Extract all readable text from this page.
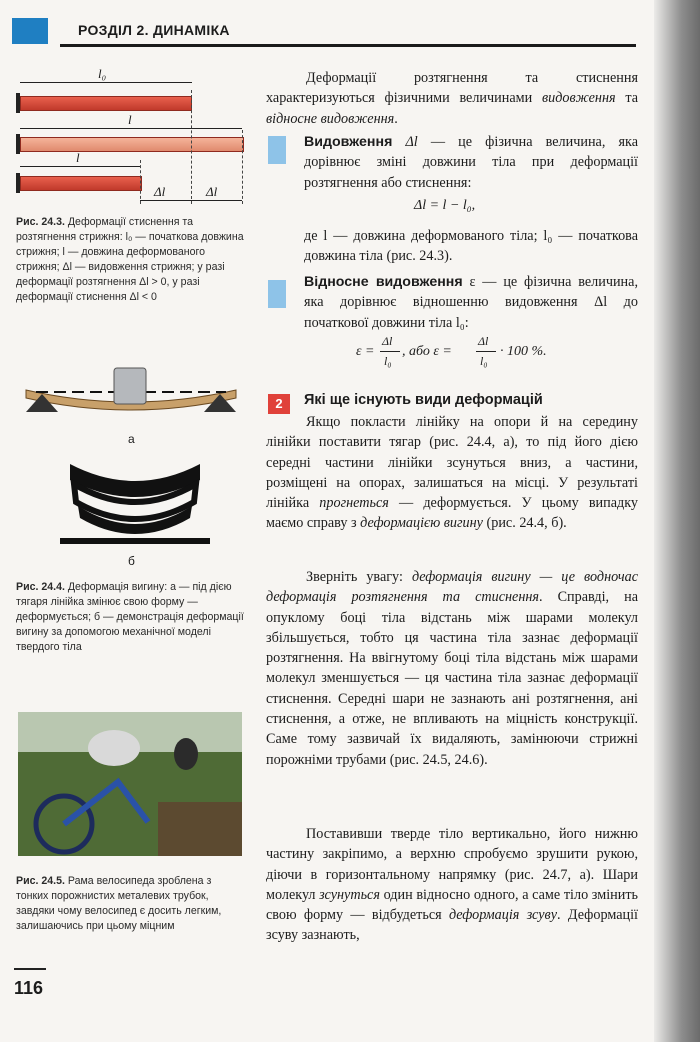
РОЗДІЛ 2. ДИНАМІКА
l₀
l
l
Δl	Δl
Рис. 24.3. Деформації стиснення та розтягнення стрижня: l₀ — початкова довжина стрижня; l — довжина деформованого стрижня; Δl — видовження стрижня; у разі деформації розтягнення Δl > 0, у разі деформації стиснення Δl < 0
а
б
Рис. 24.4. Деформація вигину: а — під дією тягаря лінійка змінює свою форму — деформується; б — демонстрація деформації вигину за допомогою механічної моделі твердого тіла
Рис. 24.5. Рама велосипеда зроблена з тонких порожнистих металевих трубок, завдяки чому велосипед є досить легким, залишаючись при цьому міцним
Деформації розтягнення та стиснення характеризуються фізичними величинами видовження та відносне видовження.
Видовження Δl — це фізична величина, яка дорівнює зміні довжини тіла при деформації розтягнення або стиснення:
Δl = l − l₀,
де l — довжина деформованого тіла; l₀ — початкова довжина тіла (рис. 24.3).
Відносне видовження ε — це фізична величина, яка дорівнює відношенню видовження Δl до початкової довжини тіла l₀:
ε =
Δl
l₀
, або ε =
Δl
l₀
· 100 %.
2	Які ще існують види деформацій
Якщо покласти лінійку на опори й на середину лінійки поставити тягар (рис. 24.4, а), то під його дією середні частини лінійки зсунуться вниз, а частини, розміщені на опорах, залишаться на місці. У результаті лінійка прогнеться — деформується. У цьому випадку маємо справу з деформацією вигину (рис. 24.4, б).
Зверніть увагу: деформація вигину — це водночас деформація розтягнення та стиснення. Справді, на опуклому боці тіла відстань між шарами молекул збільшується, тобто ця частина тіла зазнає деформації розтягнення. На ввігнутому боці тіла відстань між шарами молекул зменшується — ця частина тіла зазнає деформації стиснення. Середні шари не зазнають ані розтягнення, ані стиснення, а отже, не впливають на міцність конструкції. Саме тому зазвичай їх видаляють, замінюючи стрижні порожніми трубами (рис. 24.5, 24.6).
Поставивши тверде тіло вертикально, його нижню частину закріпимо, а верхню спробуємо зрушити рукою, діючи в горизонтальному напрямку (рис. 24.7, а). Шари молекул зсунуться один відносно одного, а саме тіло змінить свою форму — відбудеться деформація зсуву. Деформації зсуву зазнають,
116
